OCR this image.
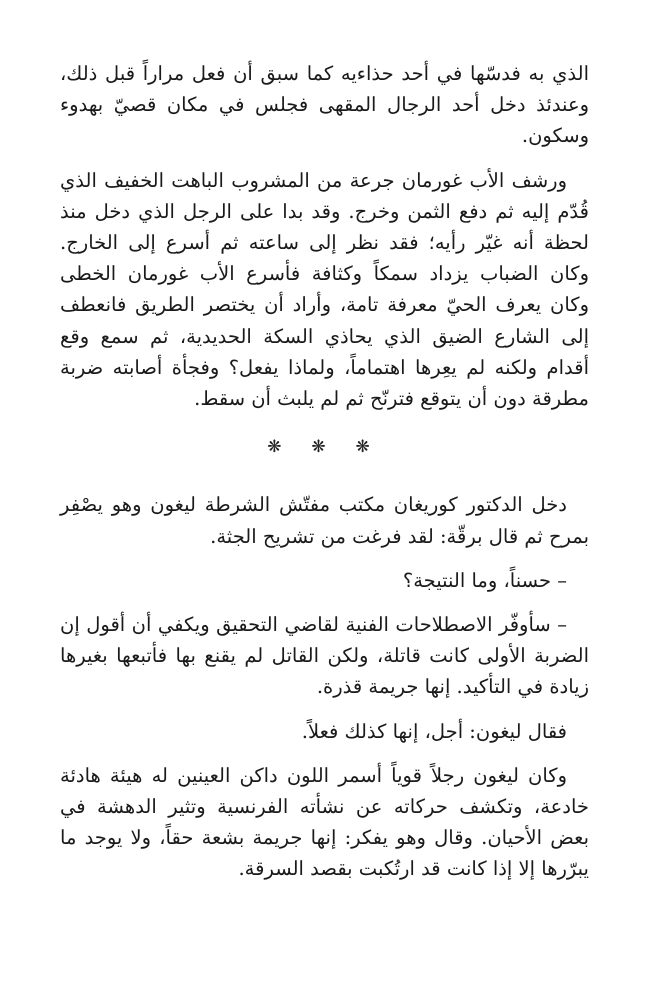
الذي به فدسّها في أحد حذاءيه كما سبق أن فعل مراراً قبل ذلك، وعندئذ دخل أحد الرجال المقهى فجلس في مكان قصيّ بهدوء وسكون.

ورشف الأب غورمان جرعة من المشروب الباهت الخفيف الذي قُدّم إليه ثم دفع الثمن وخرج. وقد بدا على الرجل الذي دخل منذ لحظة أنه غيّر رأيه؛ فقد نظر إلى ساعته ثم أسرع إلى الخارج. وكان الضباب يزداد سمكاً وكثافة فأسرع الأب غورمان الخطى وكان يعرف الحيّ معرفة تامة، وأراد أن يختصر الطريق فانعطف إلى الشارع الضيق الذي يحاذي السكة الحديدية، ثم سمع وقع أقدام ولكنه لم يعِرها اهتماماً، ولماذا يفعل؟ وفجأة أصابته ضربة مطرقة دون أن يتوقع فترنّح ثم لم يلبث أن سقط.

❋ ❋ ❋

دخل الدكتور كوريغان مكتب مفتّش الشرطة ليغون وهو يصْفِر بمرح ثم قال برقّة: لقد فرغت من تشريح الجثة.

– حسناً، وما النتيجة؟

– سأوفّر الاصطلاحات الفنية لقاضي التحقيق ويكفي أن أقول إن الضربة الأولى كانت قاتلة، ولكن القاتل لم يقنع بها فأتبعها بغيرها زيادة في التأكيد. إنها جريمة قذرة.

فقال ليغون: أجل، إنها كذلك فعلاً.

وكان ليغون رجلاً قوياً أسمر اللون داكن العينين له هيئة هادئة خادعة، وتكشف حركاته عن نشأته الفرنسية وتثير الدهشة في بعض الأحيان. وقال وهو يفكر: إنها جريمة بشعة حقاً، ولا يوجد ما يبرّرها إلا إذا كانت قد ارتُكبت بقصد السرقة.
